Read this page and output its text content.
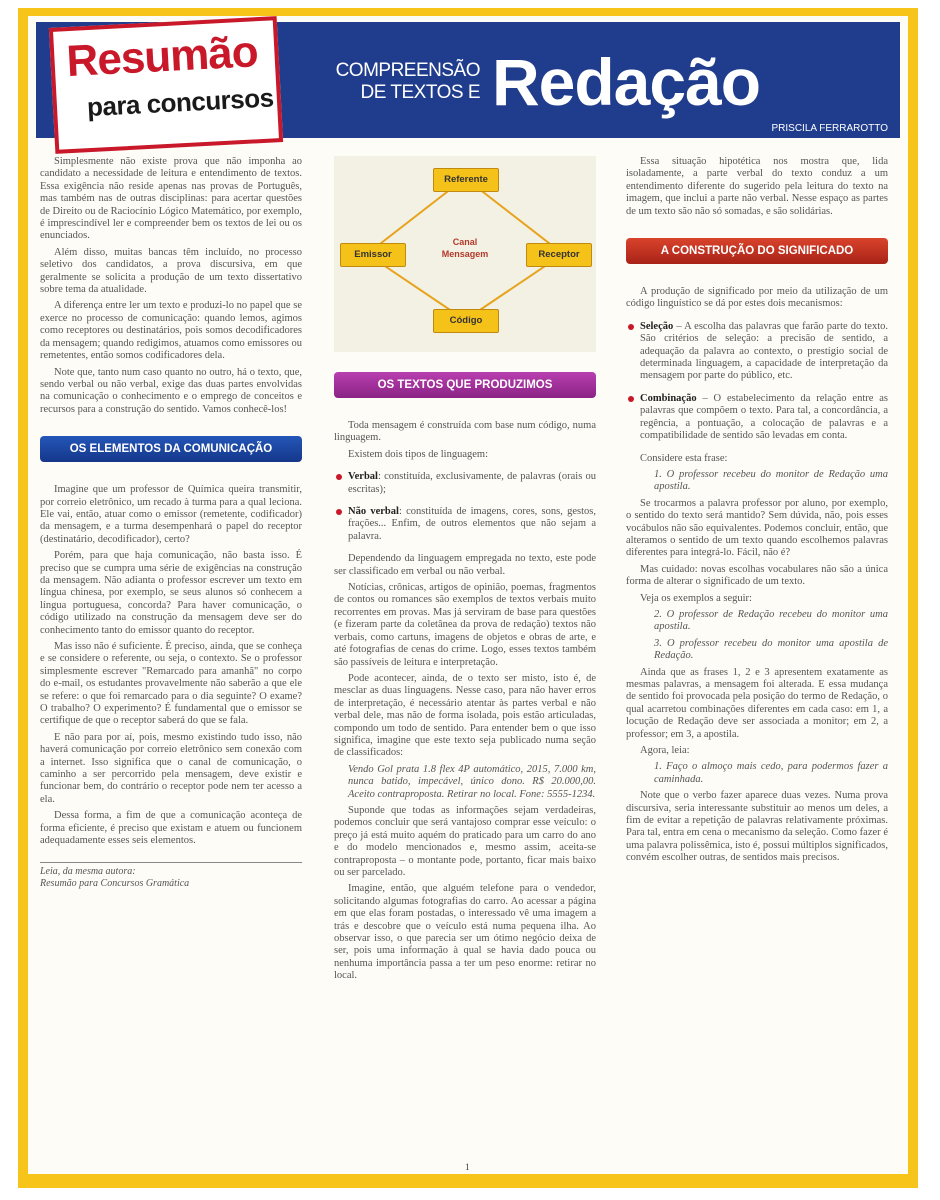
COMPREENSÃO
DE TEXTOS E Redação
PRISCILA FERRAROTTO
Resumão
para concursos

Simplesmente não existe prova que não imponha ao candidato a necessidade de leitura e entendimento de textos. Essa exigência não reside apenas nas provas de Português, mas também nas de outras disciplinas: para acertar questões de Direito ou de Raciocínio Lógico Matemático, por exemplo, é imprescindível ler e compreender bem os textos de lei ou os enunciados.

Além disso, muitas bancas têm incluído, no processo seletivo dos candidatos, a prova discursiva, em que geralmente se solicita a produção de um texto dissertativo sobre tema da atualidade.

A diferença entre ler um texto e produzi-lo no papel que se exerce no processo de comunicação: quando lemos, agimos como receptores ou destinatários, pois somos decodificadores da mensagem; quando redigimos, atuamos como emissores ou remetentes, então somos codificadores dela.

Note que, tanto num caso quanto no outro, há o texto, que, sendo verbal ou não verbal, exige das duas partes envolvidas na comunicação o conhecimento e o emprego de conceitos e recursos para a construção do sentido. Vamos conhecê-los!

OS ELEMENTOS DA COMUNICAÇÃO

Imagine que um professor de Química queira transmitir, por correio eletrônico, um recado à turma para a qual leciona. Ele vai, então, atuar como o emissor (remetente, codificador) da mensagem, e a turma desempenhará o papel do receptor (destinatário, decodificador), certo?

Porém, para que haja comunicação, não basta isso. É preciso que se cumpra uma série de exigências na construção da mensagem. Não adianta o professor escrever um texto em língua chinesa, por exemplo, se seus alunos só conhecem a língua portuguesa, concorda? Para haver comunicação, o código utilizado na construção da mensagem deve ser do conhecimento tanto do emissor quanto do receptor.

Mas isso não é suficiente. É preciso, ainda, que se conheça e se considere o referente, ou seja, o contexto. Se o professor simplesmente escrever "Remarcado para amanhã" no corpo do e-mail, os estudantes provavelmente não saberão a que ele se refere: o que foi remarcado para o dia seguinte? O exame? O trabalho? O experimento? É fundamental que o emissor se certifique de que o receptor saberá do que se fala.

E não para por aí, pois, mesmo existindo tudo isso, não haverá comunicação por correio eletrônico sem conexão com a internet. Isso significa que o canal de comunicação, o caminho a ser percorrido pela mensagem, deve existir e funcionar bem, do contrário o receptor pode nem ter acesso a ela.

Dessa forma, a fim de que a comunicação aconteça de forma eficiente, é preciso que existam e atuem ou funcionem adequadamente esses seis elementos.

Leia, da mesma autora:
Resumão para Concursos Gramática
Referente
Emissor	Receptor
Código
Canal
Mensagem
OS TEXTOS QUE PRODUZIMOS

Toda mensagem é construída com base num código, numa linguagem.

Existem dois tipos de linguagem:

Verbal: constituída, exclusivamente, de palavras (orais ou escritas);
Não verbal: constituída de imagens, cores, sons, gestos, frações... Enfim, de outros elementos que não sejam a palavra.

Dependendo da linguagem empregada no texto, este pode ser classificado em verbal ou não verbal.

Notícias, crônicas, artigos de opinião, poemas, fragmentos de contos ou romances são exemplos de textos verbais muito recorrentes em provas. Mas já serviram de base para questões (e fizeram parte da coletânea da prova de redação) textos não verbais, como cartuns, imagens de objetos e obras de arte, e até fotografias de cenas do crime. Logo, esses textos também são passíveis de leitura e interpretação.

Pode acontecer, ainda, de o texto ser misto, isto é, de mesclar as duas linguagens. Nesse caso, para não haver erros de interpretação, é necessário atentar às partes verbal e não verbal dele, mas não de forma isolada, pois estão articuladas, compondo um todo de sentido. Para entender bem o que isso significa, imagine que este texto seja publicado numa seção de classificados:

Vendo Gol prata 1.8 flex 4P automático, 2015, 7.000 km, nunca batido, impecável, único dono. R$ 20.000,00. Aceito contraproposta. Retirar no local. Fone: 5555-1234.

Suponde que todas as informações sejam verdadeiras, podemos concluir que será vantajoso comprar esse veículo: o preço já está muito aquém do praticado para um carro do ano e do modelo mencionados e, mesmo assim, aceita-se contraproposta – o montante pode, portanto, ficar mais baixo ou ser parcelado.

Imagine, então, que alguém telefone para o vendedor, solicitando algumas fotografias do carro. Ao acessar a página em que elas foram postadas, o interessado vê uma imagem a trás e descobre que o veículo está numa pequena ilha. Ao observar isso, o que parecia ser um ótimo negócio deixa de ser, pois uma informação à qual se havia dado pouca ou nenhuma importância passa a ter um peso enorme: retirar no local.

Essa situação hipotética nos mostra que, lida isoladamente, a parte verbal do texto conduz a um entendimento diferente do sugerido pela leitura do texto na imagem, que inclui a parte não verbal. Nesse espaço as partes de um texto são não só somadas, e são solidárias.

A CONSTRUÇÃO DO SIGNIFICADO

A produção de significado por meio da utilização de um código linguístico se dá por estes dois mecanismos:

Seleção – A escolha das palavras que farão parte do texto. São critérios de seleção: a precisão de sentido, a adequação da palavra ao contexto, o prestígio social de determinada linguagem, a capacidade de interpretação da mensagem por parte do público, etc.
Combinação – O estabelecimento da relação entre as palavras que compõem o texto. Para tal, a concordância, a regência, a pontuação, a colocação de palavras e a compatibilidade de sentido são levadas em conta.

Considere esta frase:

1. O professor recebeu do monitor de Redação uma apostila.

Se trocarmos a palavra professor por aluno, por exemplo, o sentido do texto será mantido? Sem dúvida, não, pois esses vocábulos não são equivalentes. Podemos concluir, então, que alteramos o sentido de um texto quando escolhemos palavras diferentes para integrá-lo. Fácil, não é?

Mas cuidado: novas escolhas vocabulares não são a única forma de alterar o significado de um texto.

Veja os exemplos a seguir:

2. O professor de Redação recebeu do monitor uma apostila.
3. O professor recebeu do monitor uma apostila de Redação.

Ainda que as frases 1, 2 e 3 apresentem exatamente as mesmas palavras, a mensagem foi alterada. E essa mudança de sentido foi provocada pela posição do termo de Redação, o qual acarretou combinações diferentes em cada caso: em 1, a locução de Redação deve ser associada a monitor; em 2, a professor; em 3, a apostila.

Agora, leia:

1. Faço o almoço mais cedo, para podermos fazer a caminhada.

Note que o verbo fazer aparece duas vezes. Numa prova discursiva, seria interessante substituir ao menos um deles, a fim de evitar a repetição de palavras relativamente próximas. Para tal, entra em cena o mecanismo da seleção. Como fazer é uma palavra polissêmica, isto é, possui múltiplos significados, convém escolher outras, de sentidos mais precisos.

1
